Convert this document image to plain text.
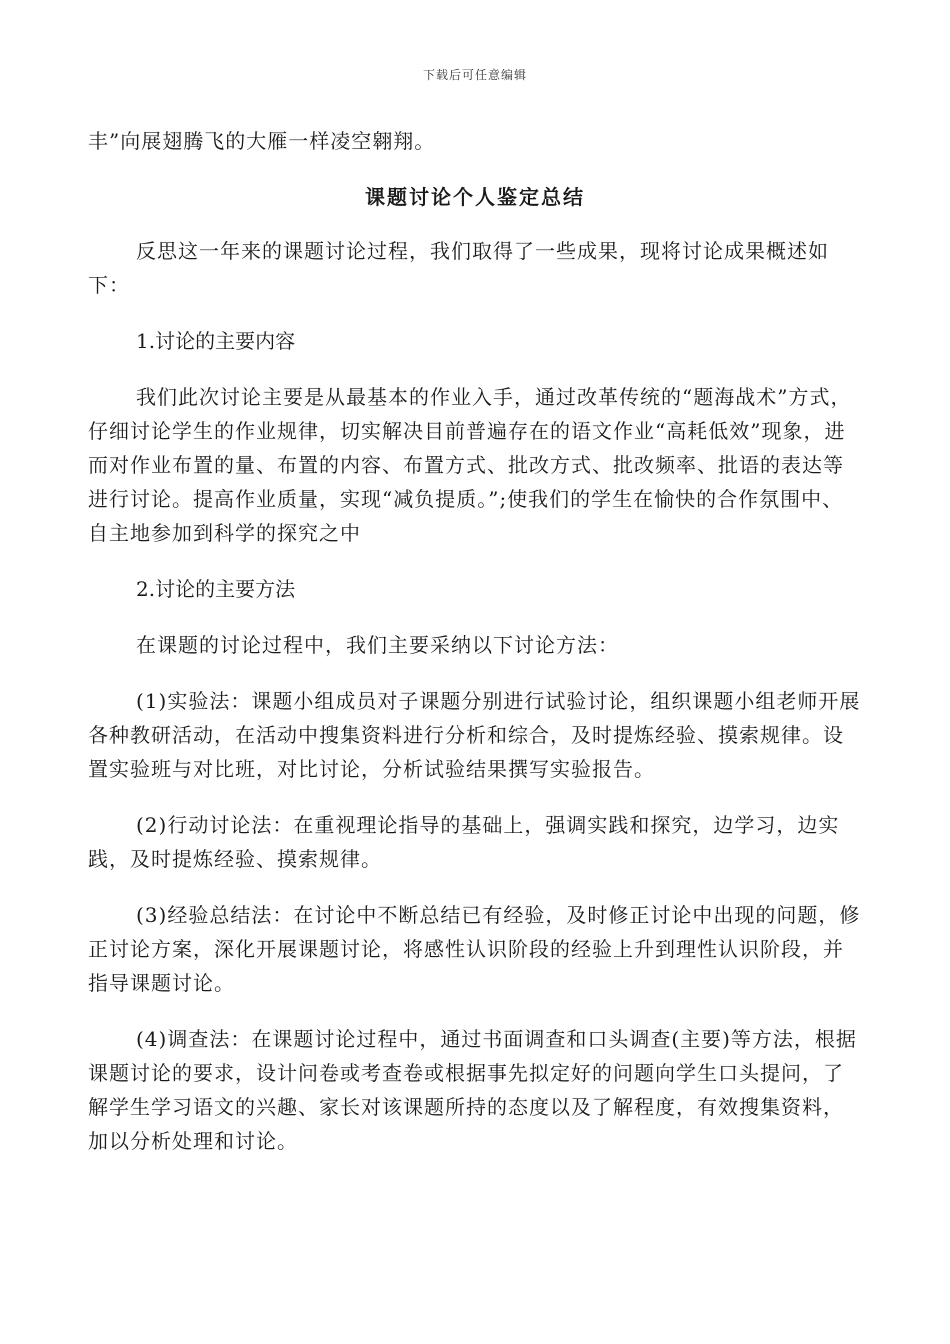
下载后可任意编辑

丰”向展翅腾飞的大雁一样凌空翱翔。

课题讨论个人鉴定总结

反思这一年来的课题讨论过程，我们取得了一些成果，现将讨论成果概述如下：

1.讨论的主要内容

我们此次讨论主要是从最基本的作业入手，通过改革传统的“题海战术”方式，仔细讨论学生的作业规律，切实解决目前普遍存在的语文作业“高耗低效”现象，进而对作业布置的量、布置的内容、布置方式、批改方式、批改频率、批语的表达等进行讨论。提高作业质量，实现“减负提质。”;使我们的学生在愉快的合作氛围中、自主地参加到科学的探究之中

2.讨论的主要方法

在课题的讨论过程中，我们主要采纳以下讨论方法：

(1)实验法：课题小组成员对子课题分别进行试验讨论，组织课题小组老师开展各种教研活动，在活动中搜集资料进行分析和综合，及时提炼经验、摸索规律。设置实验班与对比班，对比讨论，分析试验结果撰写实验报告。

(2)行动讨论法：在重视理论指导的基础上，强调实践和探究，边学习，边实践，及时提炼经验、摸索规律。

(3)经验总结法：在讨论中不断总结已有经验，及时修正讨论中出现的问题，修正讨论方案，深化开展课题讨论，将感性认识阶段的经验上升到理性认识阶段，并指导课题讨论。

(4)调查法：在课题讨论过程中，通过书面调查和口头调查(主要)等方法，根据课题讨论的要求，设计问卷或考查卷或根据事先拟定好的问题向学生口头提问，了解学生学习语文的兴趣、家长对该课题所持的态度以及了解程度，有效搜集资料，加以分析处理和讨论。
